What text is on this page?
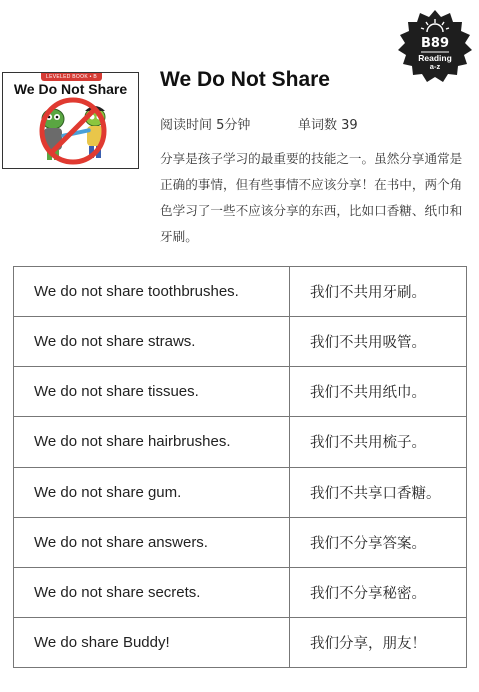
LEVELED BOOK • B
We Do Not Share
B89
Reading
a-z
We Do Not Share
阅读时间 5分钟	单词数 39
分享是孩子学习的最重要的技能之一。虽然分享通常是正确的事情，但有些事情不应该分享！在书中，两个角色学习了一些不应该分享的东西，比如口香糖、纸巾和牙刷。
We do not share toothbrushes.	我们不共用牙刷。
We do not share straws.	我们不共用吸管。
We do not share tissues.	我们不共用纸巾。
We do not share hairbrushes.	我们不共用梳子。
We do not share gum.	我们不共享口香糖。
We do not share answers.	我们不分享答案。
We do not share secrets.	我们不分享秘密。
We do share Buddy!	我们分享，朋友！
